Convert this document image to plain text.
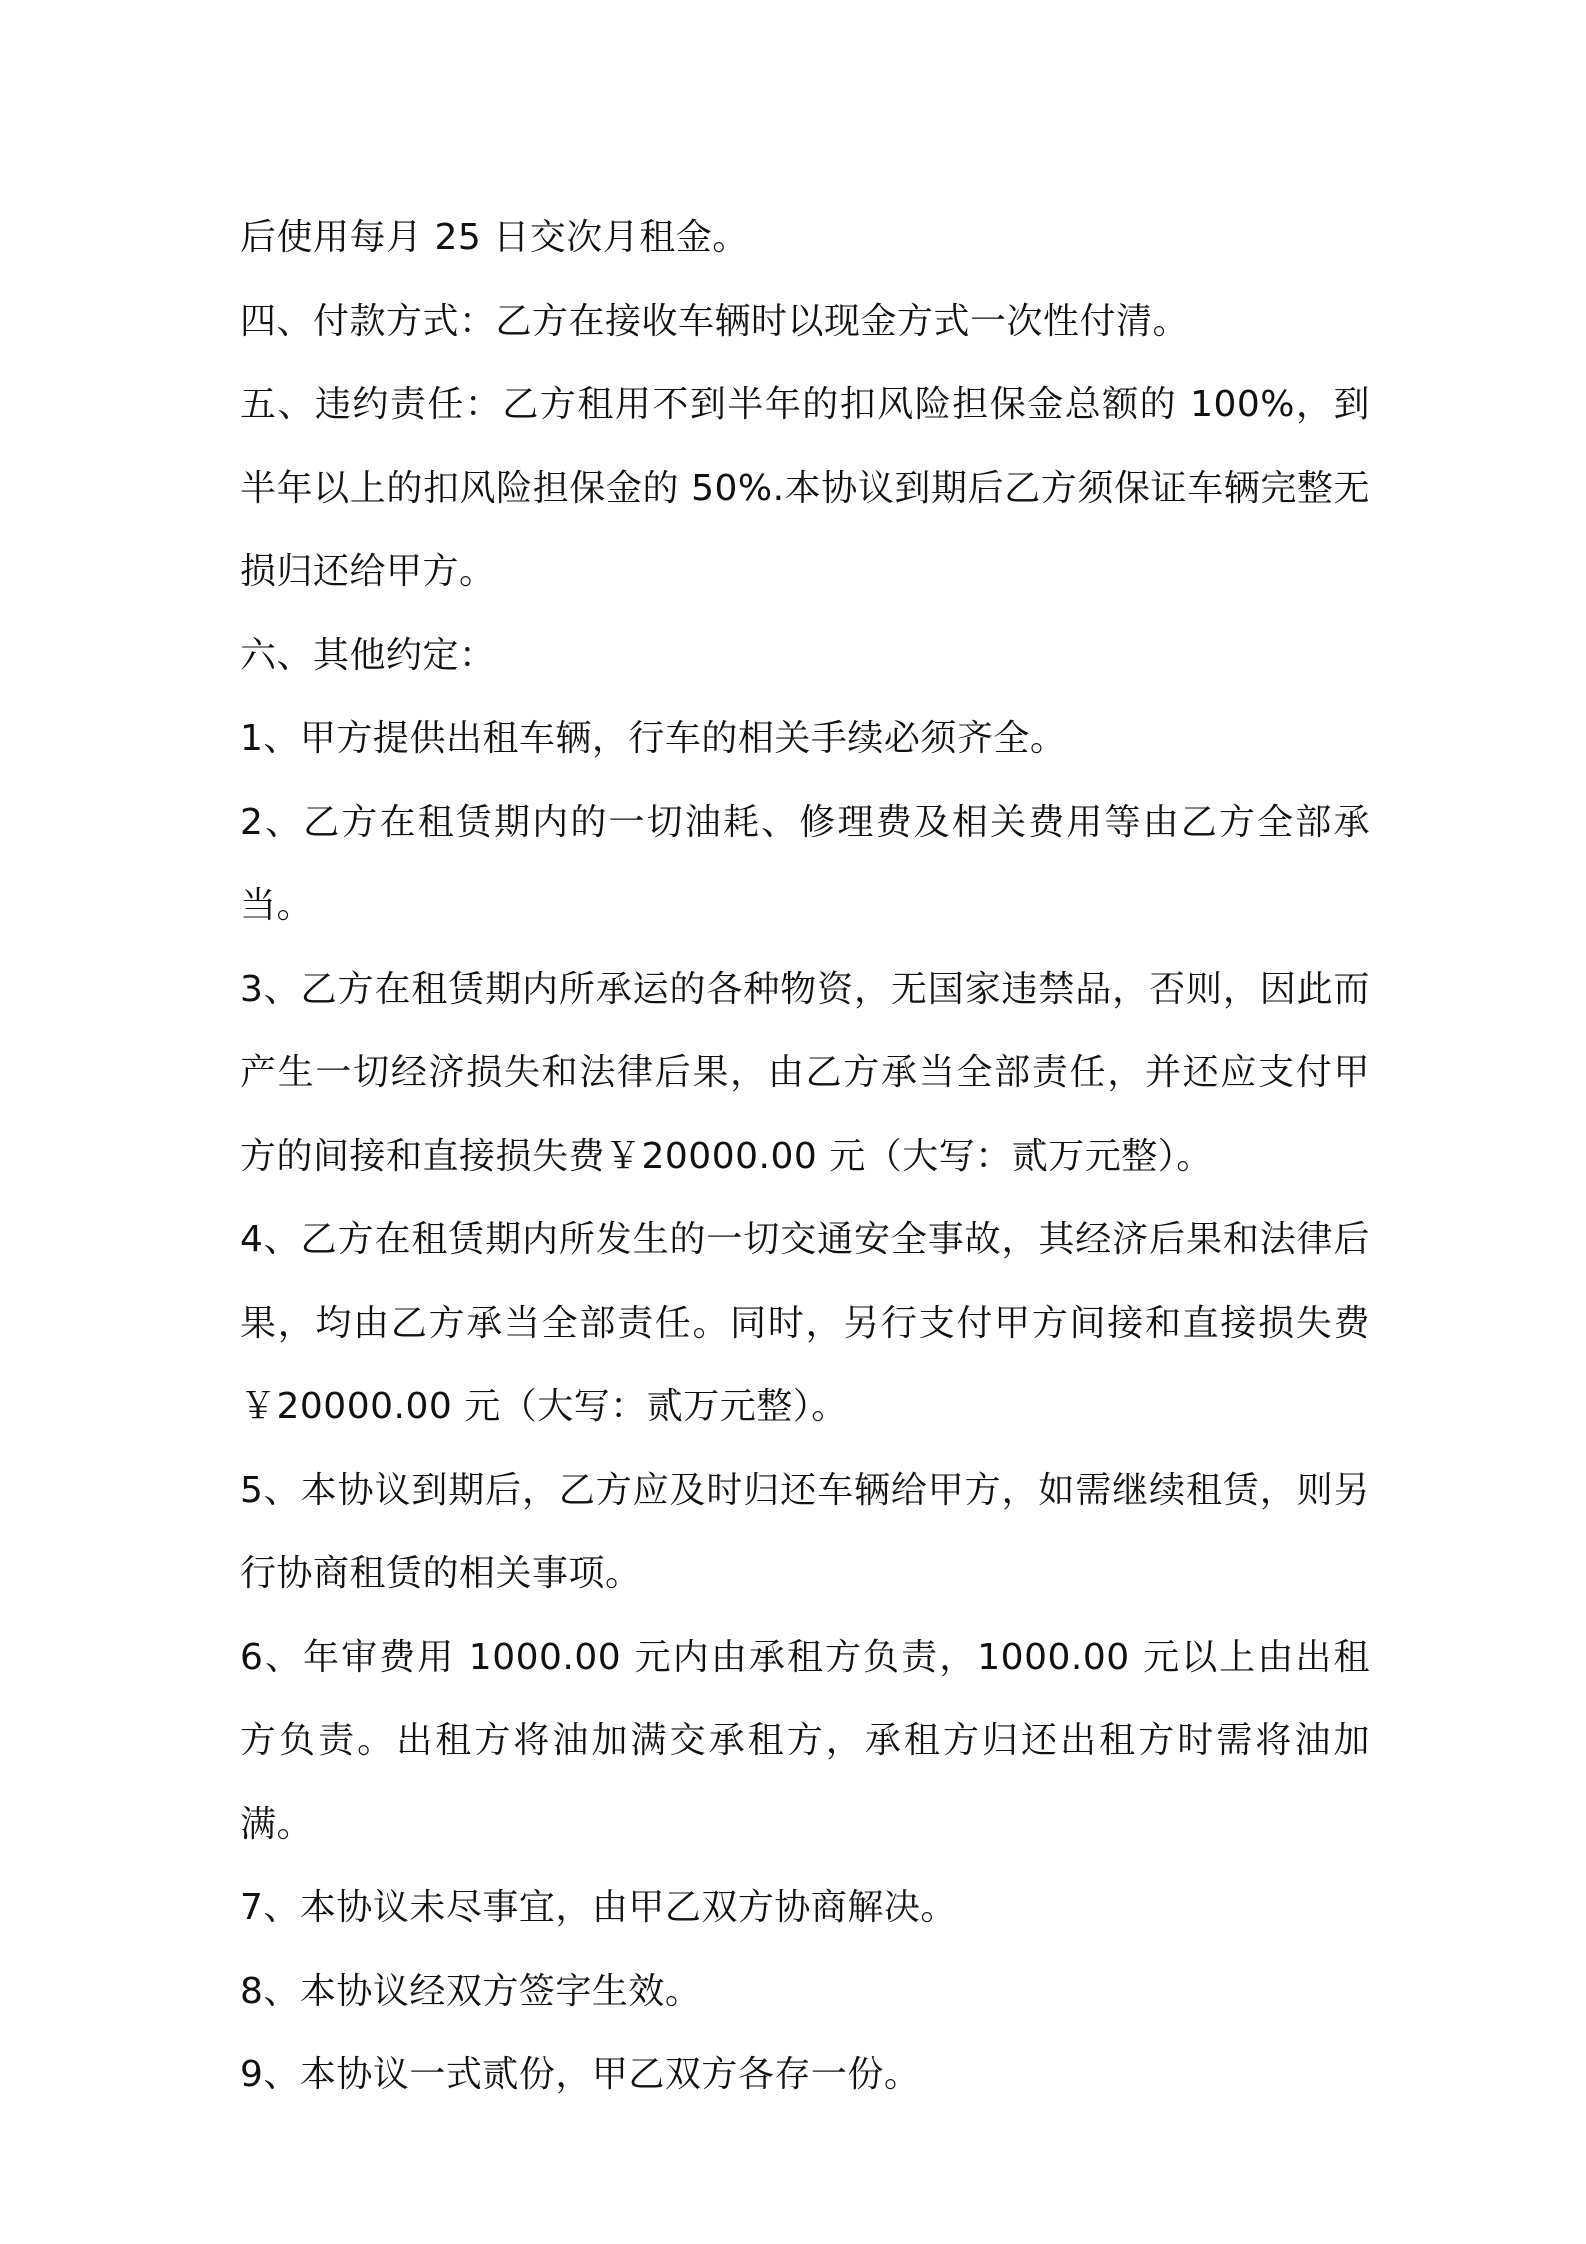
后使用每月 25 日交次月租金。

四、付款方式：乙方在接收车辆时以现金方式一次性付清。

五、违约责任：乙方租用不到半年的扣风险担保金总额的 100%，到半年以上的扣风险担保金的 50%.本协议到期后乙方须保证车辆完整无损归还给甲方。

六、其他约定：

1、甲方提供出租车辆，行车的相关手续必须齐全。

2、乙方在租赁期内的一切油耗、修理费及相关费用等由乙方全部承当。

3、乙方在租赁期内所承运的各种物资，无国家违禁品，否则，因此而产生一切经济损失和法律后果，由乙方承当全部责任，并还应支付甲方的间接和直接损失费￥20000.00 元（大写：贰万元整）。

4、乙方在租赁期内所发生的一切交通安全事故，其经济后果和法律后果，均由乙方承当全部责任。同时，另行支付甲方间接和直接损失费￥20000.00 元（大写：贰万元整）。

5、本协议到期后，乙方应及时归还车辆给甲方，如需继续租赁，则另行协商租赁的相关事项。

6、年审费用 1000.00 元内由承租方负责，1000.00 元以上由出租方负责。出租方将油加满交承租方，承租方归还出租方时需将油加满。

7、本协议未尽事宜，由甲乙双方协商解决。

8、本协议经双方签字生效。

9、本协议一式贰份，甲乙双方各存一份。
